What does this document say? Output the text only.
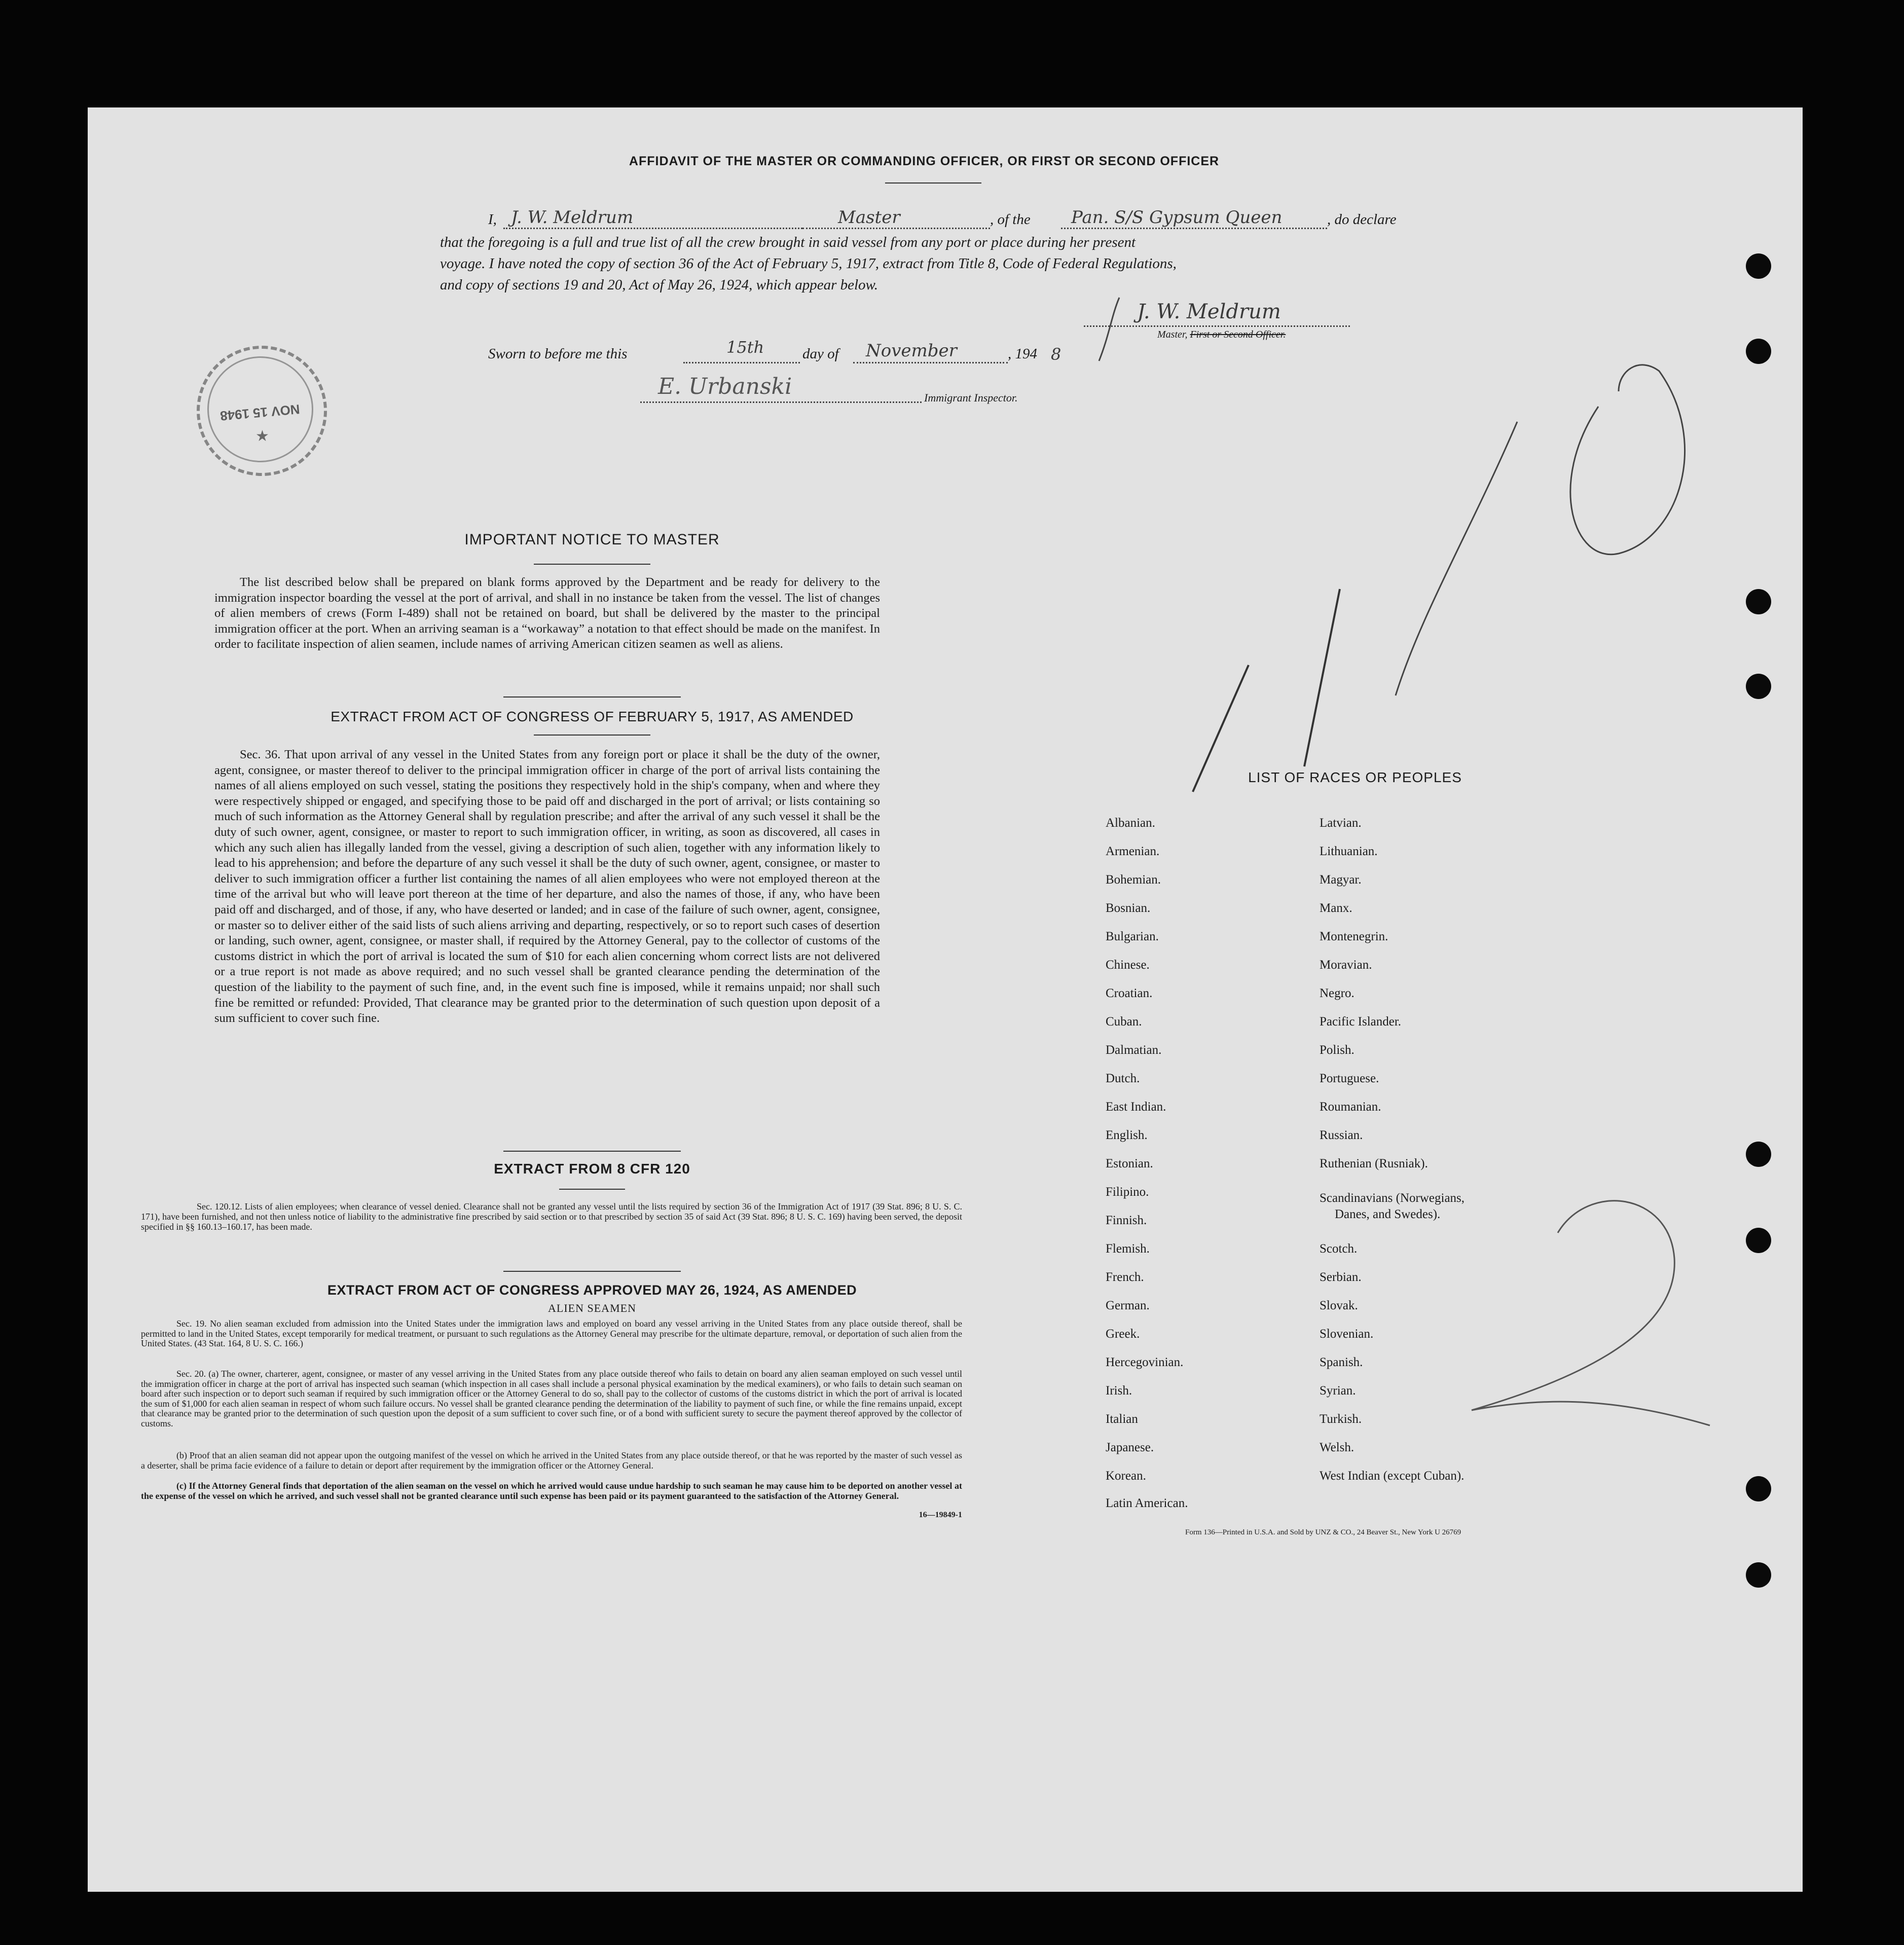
AFFIDAVIT OF THE MASTER OR COMMANDING OFFICER, OR FIRST OR SECOND OFFICER
I, J. W. Meldrum	Master	, of the Pan. S/S Gypsum Queen	, do declare

that the foregoing is a full and true list of all the crew brought in said vessel from any port or place during her present

voyage. I have noted the copy of section 36 of the Act of February 5, 1917, extract from Title 8, Code of Federal Regulations,

and copy of sections 19 and 20, Act of May 26, 1924, which appear below.

J. W. Meldrum
Master, First or Second Officer.
Sworn to before me this	15th	day of November	, 194 8
E. Urbanski	Immigrant Inspector.
NOV 15 1948
★
IMPORTANT NOTICE TO MASTER

The list described below shall be prepared on blank forms approved by the Department and be ready for delivery to the immigration inspector boarding the vessel at the port of arrival, and shall in no instance be taken from the vessel. The list of changes of alien members of crews (Form I-489) shall not be retained on board, but shall be delivered by the master to the principal immigration officer at the port. When an arriving seaman is a “workaway” a notation to that effect should be made on the manifest. In order to facilitate inspection of alien seamen, include names of arriving American citizen seamen as well as aliens.

EXTRACT FROM ACT OF CONGRESS OF FEBRUARY 5, 1917, AS AMENDED

Sec. 36. That upon arrival of any vessel in the United States from any foreign port or place it shall be the duty of the owner, agent, consignee, or master thereof to deliver to the principal immigration officer in charge of the port of arrival lists containing the names of all aliens employed on such vessel, stating the positions they respectively hold in the ship's company, when and where they were respectively shipped or engaged, and specifying those to be paid off and discharged in the port of arrival; or lists containing so much of such information as the Attorney General shall by regulation prescribe; and after the arrival of any such vessel it shall be the duty of such owner, agent, consignee, or master to report to such immigration officer, in writing, as soon as discovered, all cases in which any such alien has illegally landed from the vessel, giving a description of such alien, together with any information likely to lead to his apprehension; and before the departure of any such vessel it shall be the duty of such owner, agent, consignee, or master to deliver to such immigration officer a further list containing the names of all alien employees who were not employed thereon at the time of the arrival but who will leave port thereon at the time of her departure, and also the names of those, if any, who have been paid off and discharged, and of those, if any, who have deserted or landed; and in case of the failure of such owner, agent, consignee, or master so to deliver either of the said lists of such aliens arriving and departing, respectively, or so to report such cases of desertion or landing, such owner, agent, consignee, or master shall, if required by the Attorney General, pay to the collector of customs of the customs district in which the port of arrival is located the sum of $10 for each alien concerning whom correct lists are not delivered or a true report is not made as above required; and no such vessel shall be granted clearance pending the determination of the question of the liability to the payment of such fine, and, in the event such fine is imposed, while it remains unpaid; nor shall such fine be remitted or refunded: Provided, That clearance may be granted prior to the determination of such question upon deposit of a sum sufficient to cover such fine.

EXTRACT FROM 8 CFR 120

Sec. 120.12. Lists of alien employees; when clearance of vessel denied. Clearance shall not be granted any vessel until the lists required by section 36 of the Immigration Act of 1917 (39 Stat. 896; 8 U. S. C. 171), have been furnished, and not then unless notice of liability to the administrative fine prescribed by said section or to that prescribed by section 35 of said Act (39 Stat. 896; 8 U. S. C. 169) having been served, the deposit specified in §§ 160.13–160.17, has been made.

EXTRACT FROM ACT OF CONGRESS APPROVED MAY 26, 1924, AS AMENDED
ALIEN SEAMEN

Sec. 19. No alien seaman excluded from admission into the United States under the immigration laws and employed on board any vessel arriving in the United States from any place outside thereof, shall be permitted to land in the United States, except temporarily for medical treatment, or pursuant to such regulations as the Attorney General may prescribe for the ultimate departure, removal, or deportation of such alien from the United States. (43 Stat. 164, 8 U. S. C. 166.)

Sec. 20. (a) The owner, charterer, agent, consignee, or master of any vessel arriving in the United States from any place outside thereof who fails to detain on board any alien seaman employed on such vessel until the immigration officer in charge at the port of arrival has inspected such seaman (which inspection in all cases shall include a personal physical examination by the medical examiners), or who fails to detain such seaman on board after such inspection or to deport such seaman if required by such immigration officer or the Attorney General to do so, shall pay to the collector of customs of the customs district in which the port of arrival is located the sum of $1,000 for each alien seaman in respect of whom such failure occurs. No vessel shall be granted clearance pending the determination of the liability to payment of such fine, or while the fine remains unpaid, except that clearance may be granted prior to the determination of such question upon the deposit of a sum sufficient to cover such fine, or of a bond with sufficient surety to secure the payment thereof approved by the collector of customs.

(b) Proof that an alien seaman did not appear upon the outgoing manifest of the vessel on which he arrived in the United States from any place outside thereof, or that he was reported by the master of such vessel as a deserter, shall be prima facie evidence of a failure to detain or deport after requirement by the immigration officer or the Attorney General.

(c) If the Attorney General finds that deportation of the alien seaman on the vessel on which he arrived would cause undue hardship to such seaman he may cause him to be deported on another vessel at the expense of the vessel on which he arrived, and such vessel shall not be granted clearance until such expense has been paid or its payment guaranteed to the satisfaction of the Attorney General.

16—19849-1
LIST OF RACES OR PEOPLES
Albanian.
Armenian.
Bohemian.
Bosnian.
Bulgarian.
Chinese.
Croatian.
Cuban.
Dalmatian.
Dutch.
East Indian.
English.
Estonian.
Filipino.
Finnish.
Flemish.
French.
German.
Greek.
Hercegovinian.
Irish.
Italian
Japanese.
Korean.
Latin American.
Latvian.
Lithuanian.
Magyar.
Manx.
Montenegrin.
Moravian.
Negro.
Pacific Islander.
Polish.
Portuguese.
Roumanian.
Russian.
Ruthenian (Rusniak).
Scandinavians (Norwegians,
Danes, and Swedes).
Scotch.
Serbian.
Slovak.
Slovenian.
Spanish.
Syrian.
Turkish.
Welsh.
West Indian (except Cuban).
Form 136—Printed in U.S.A. and Sold by UNZ & CO., 24 Beaver St., New York U 26769
